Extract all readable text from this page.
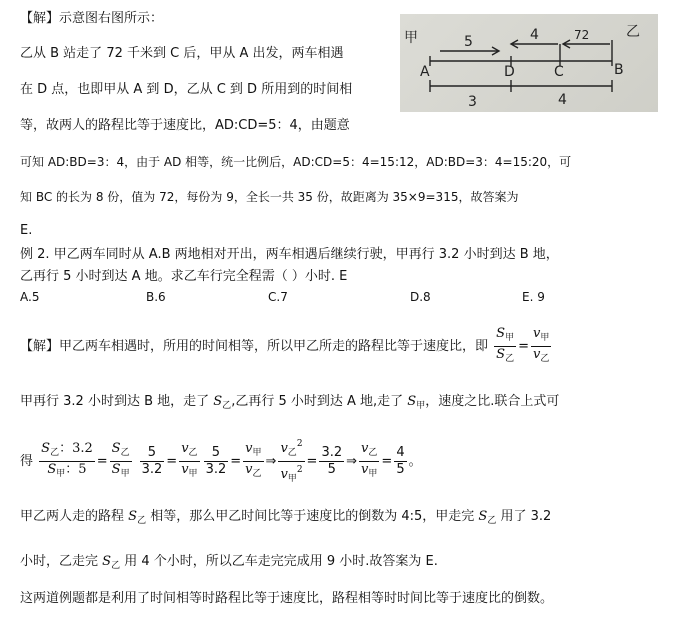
【解】示意图右图所示：
乙从 B 站走了 72 千米到 C 后，甲从 A 出发，两车相遇
在 D 点，也即甲从 A 到 D，乙从 C 到 D 所用到的时间相
等，故两人的路程比等于速度比，AD:CD=5：4，由题意
可知 AD:BD=3：4，由于 AD 相等，统一比例后，AD:CD=5：4=15:12，AD:BD=3：4=15:20，可
知 BC 的长为 8 份，值为 72，每份为 9，全长一共 35 份，故距离为 35×9=315，故答案为
E.
甲	乙
5	4	72
A	D	C	B
3	4
例 2. 甲乙两车同时从 A.B 两地相对开出，两车相遇后继续行驶，甲再行 3.2 小时到达 B 地，
乙再行 5 小时到达 A 地。求乙车行完全程需（ ）小时. E
A.5	B.6	C.7	D.8	E. 9
【解】甲乙两车相遇时，所用的时间相等，所以甲乙所走的路程比等于速度比，即 $\frac{S_甲}{S_乙} = \frac{v_甲}{v_乙}$
甲再行 3.2 小时到达 B 地，走了 $S_乙$,乙再行 5 小时到达 A 地,走了 $S_甲$，速度之比.联合上式可
得 $\frac{S_乙:3.2}{S_甲:5} = \frac{S_乙}{S_甲} \frac{5}{3.2} = \frac{v_乙}{v_甲} \frac{5}{3.2} = \frac{v_甲}{v_乙}$ ⇒ $\frac{v_乙^2}{v_甲^2} = \frac{3.2}{5}$ ⇒ $\frac{v_乙}{v_甲} = \frac{4}{5}$ 。
甲乙两人走的路程 $S_乙$ 相等，那么甲乙时间比等于速度比的倒数为 4:5，甲走完 $S_乙$ 用了 3.2
小时，乙走完 $S_乙$ 用 4 个小时，所以乙车走完完成用 9 小时.故答案为 E.
这两道例题都是利用了时间相等时路程比等于速度比，路程相等时时间比等于速度比的倒数。
